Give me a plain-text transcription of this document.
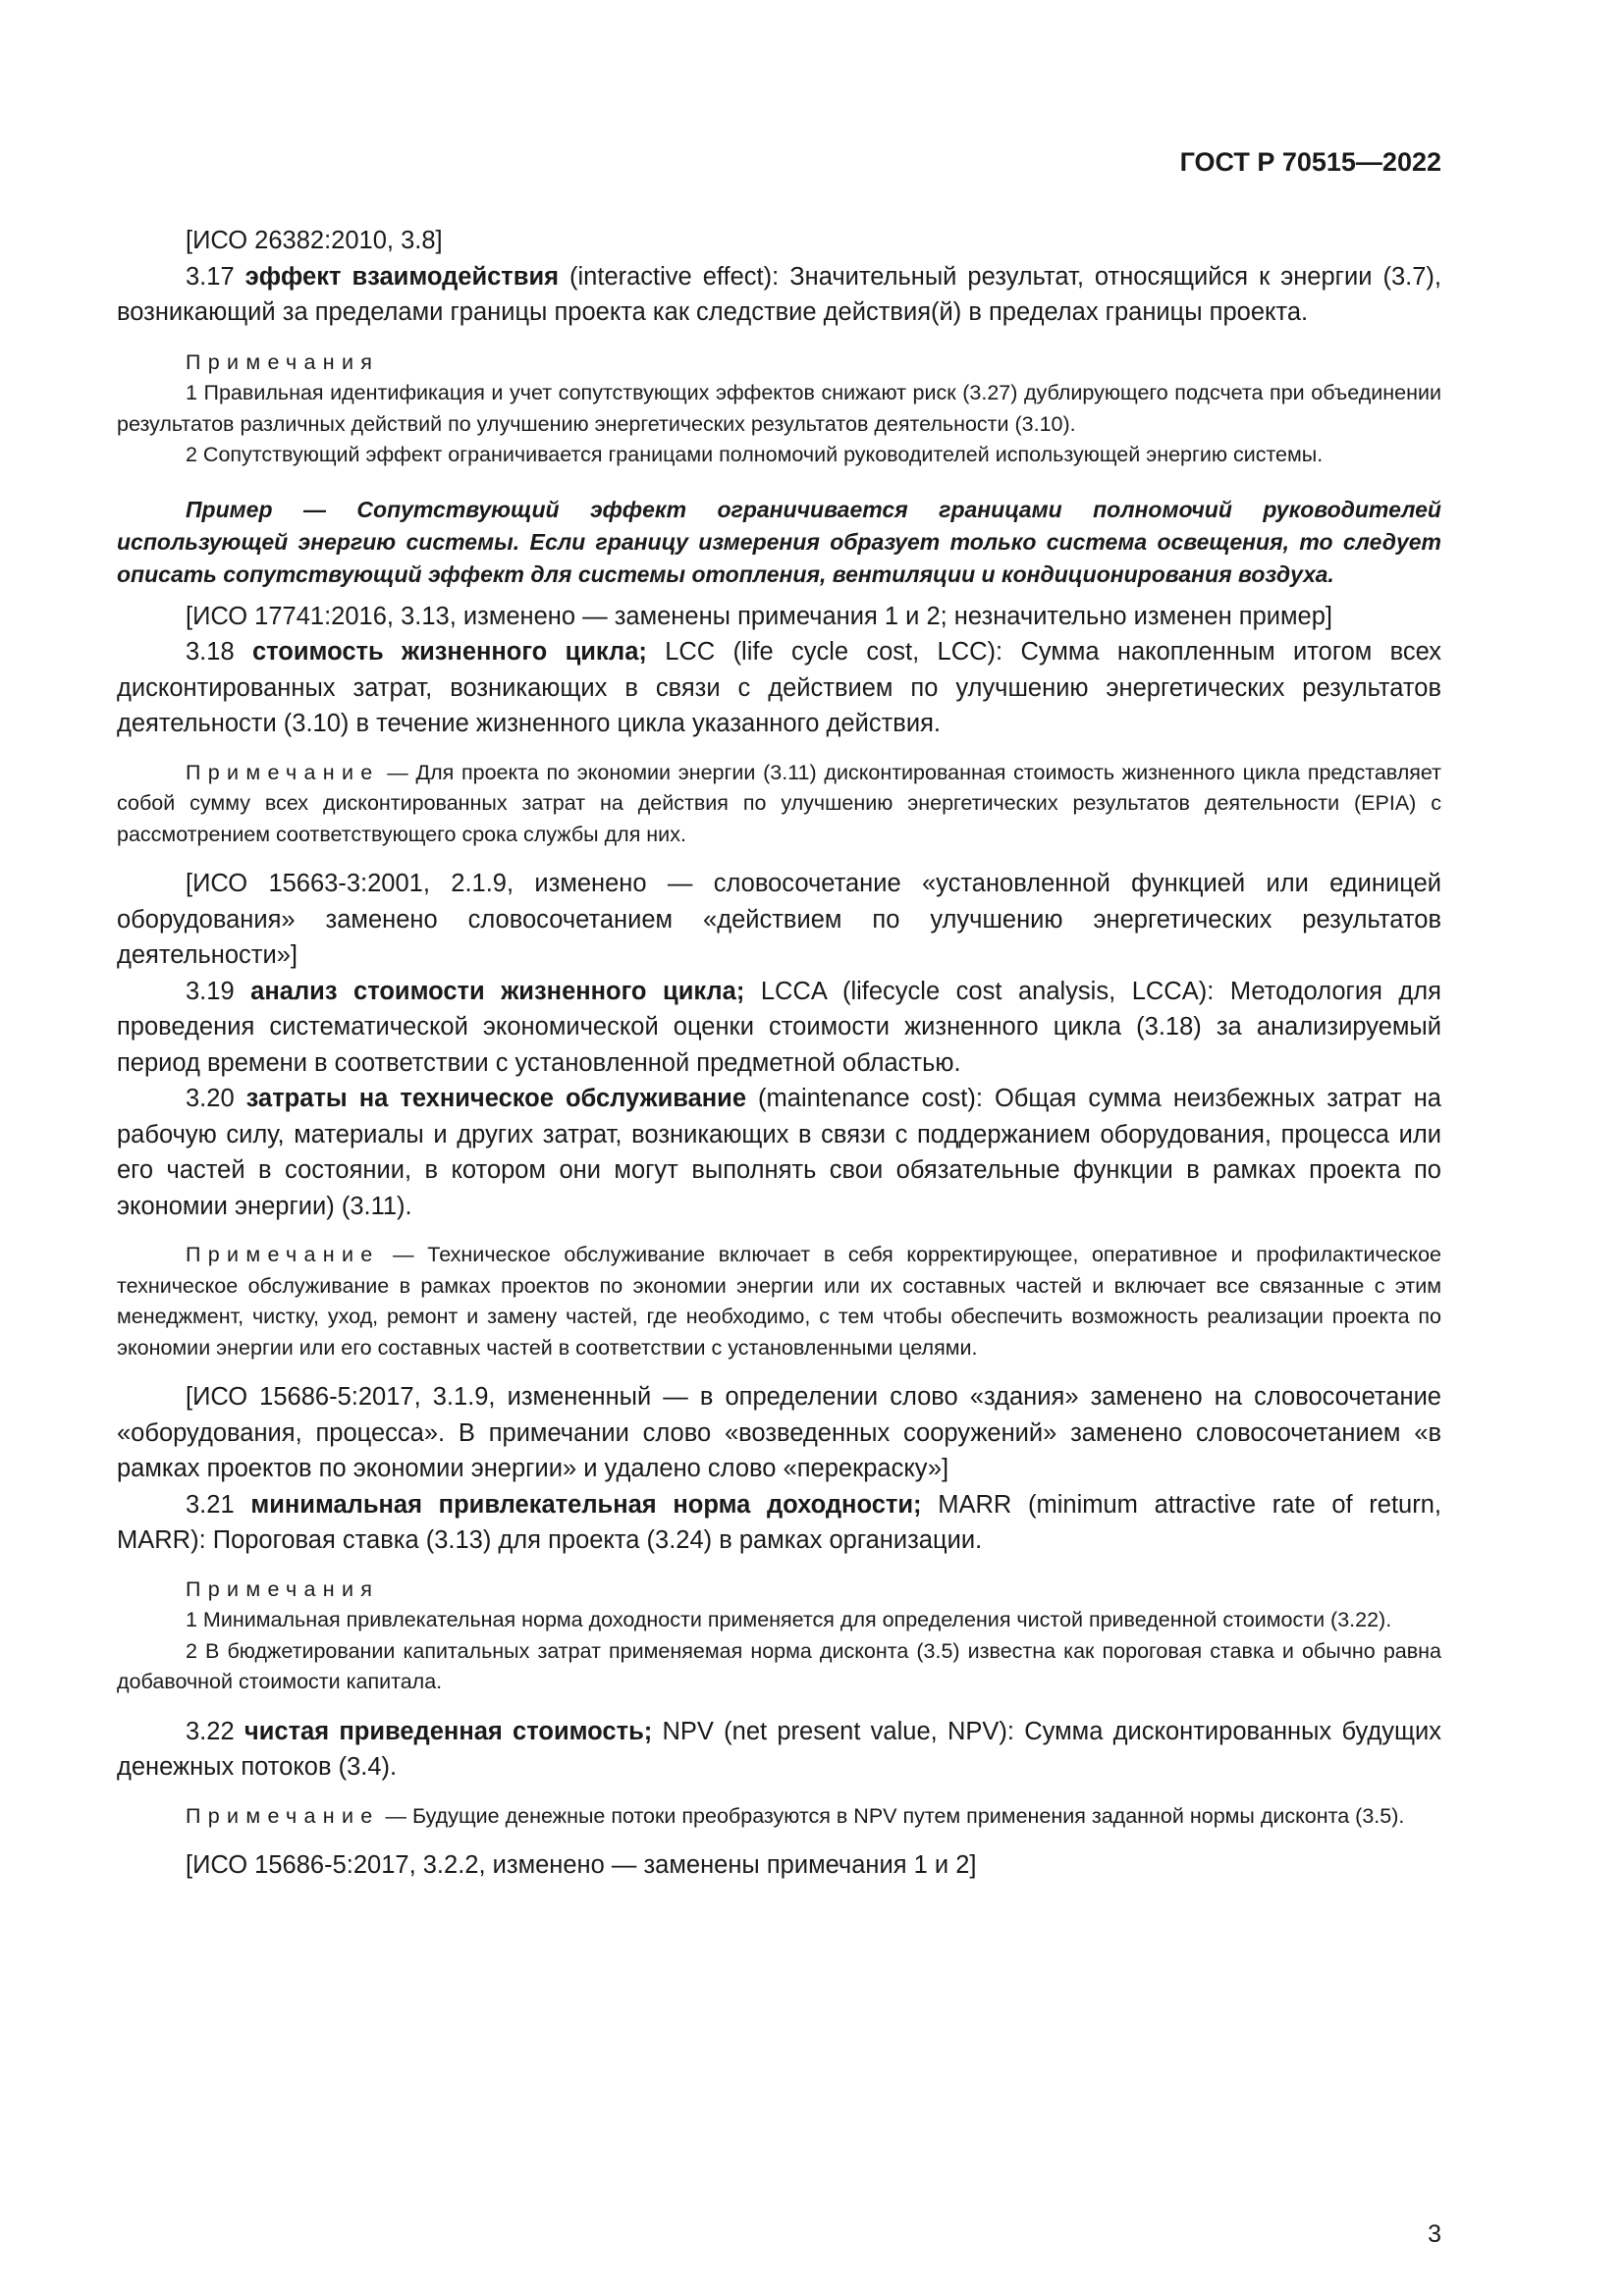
ГОСТ Р 70515—2022
[ИСО 26382:2010, 3.8]
3.17 эффект взаимодействия (interactive effect): Значительный результат, относящийся к энергии (3.7), возникающий за пределами границы проекта как следствие действия(й) в пределах границы проекта.
Примечания
1 Правильная идентификация и учет сопутствующих эффектов снижают риск (3.27) дублирующего подсчета при объединении результатов различных действий по улучшению энергетических результатов деятельности (3.10).
2 Сопутствующий эффект ограничивается границами полномочий руководителей использующей энергию системы.
Пример — Сопутствующий эффект ограничивается границами полномочий руководителей использующей энергию системы. Если границу измерения образует только система освещения, то следует описать сопутствующий эффект для системы отопления, вентиляции и кондиционирования воздуха.
[ИСО 17741:2016, 3.13, изменено — заменены примечания 1 и 2; незначительно изменен пример]
3.18 стоимость жизненного цикла; LCC (life cycle cost, LCC): Сумма накопленным итогом всех дисконтированных затрат, возникающих в связи с действием по улучшению энергетических результатов деятельности (3.10) в течение жизненного цикла указанного действия.
Примечание — Для проекта по экономии энергии (3.11) дисконтированная стоимость жизненного цикла представляет собой сумму всех дисконтированных затрат на действия по улучшению энергетических результатов деятельности (EPIA) с рассмотрением соответствующего срока службы для них.
[ИСО 15663-3:2001, 2.1.9, изменено — словосочетание «установленной функцией или единицей оборудования» заменено словосочетанием «действием по улучшению энергетических результатов деятельности»]
3.19 анализ стоимости жизненного цикла; LCCA (lifecycle cost analysis, LCCA): Методология для проведения систематической экономической оценки стоимости жизненного цикла (3.18) за анализируемый период времени в соответствии с установленной предметной областью.
3.20 затраты на техническое обслуживание (maintenance cost): Общая сумма неизбежных затрат на рабочую силу, материалы и других затрат, возникающих в связи с поддержанием оборудования, процесса или его частей в состоянии, в котором они могут выполнять свои обязательные функции в рамках проекта по экономии энергии) (3.11).
Примечание — Техническое обслуживание включает в себя корректирующее, оперативное и профилактическое техническое обслуживание в рамках проектов по экономии энергии или их составных частей и включает все связанные с этим менеджмент, чистку, уход, ремонт и замену частей, где необходимо, с тем чтобы обеспечить возможность реализации проекта по экономии энергии или его составных частей в соответствии с установленными целями.
[ИСО 15686-5:2017, 3.1.9, измененный — в определении слово «здания» заменено на словосочетание «оборудования, процесса». В примечании слово «возведенных сооружений» заменено словосочетанием «в рамках проектов по экономии энергии» и удалено слово «перекраску»]
3.21 минимальная привлекательная норма доходности; MARR (minimum attractive rate of return, MARR): Пороговая ставка (3.13) для проекта (3.24) в рамках организации.
Примечания
1 Минимальная привлекательная норма доходности применяется для определения чистой приведенной стоимости (3.22).
2 В бюджетировании капитальных затрат применяемая норма дисконта (3.5) известна как пороговая ставка и обычно равна добавочной стоимости капитала.
3.22 чистая приведенная стоимость; NPV (net present value, NPV): Сумма дисконтированных будущих денежных потоков (3.4).
Примечание — Будущие денежные потоки преобразуются в NPV путем применения заданной нормы дисконта (3.5).
[ИСО 15686-5:2017, 3.2.2, изменено — заменены примечания 1 и 2]
3
